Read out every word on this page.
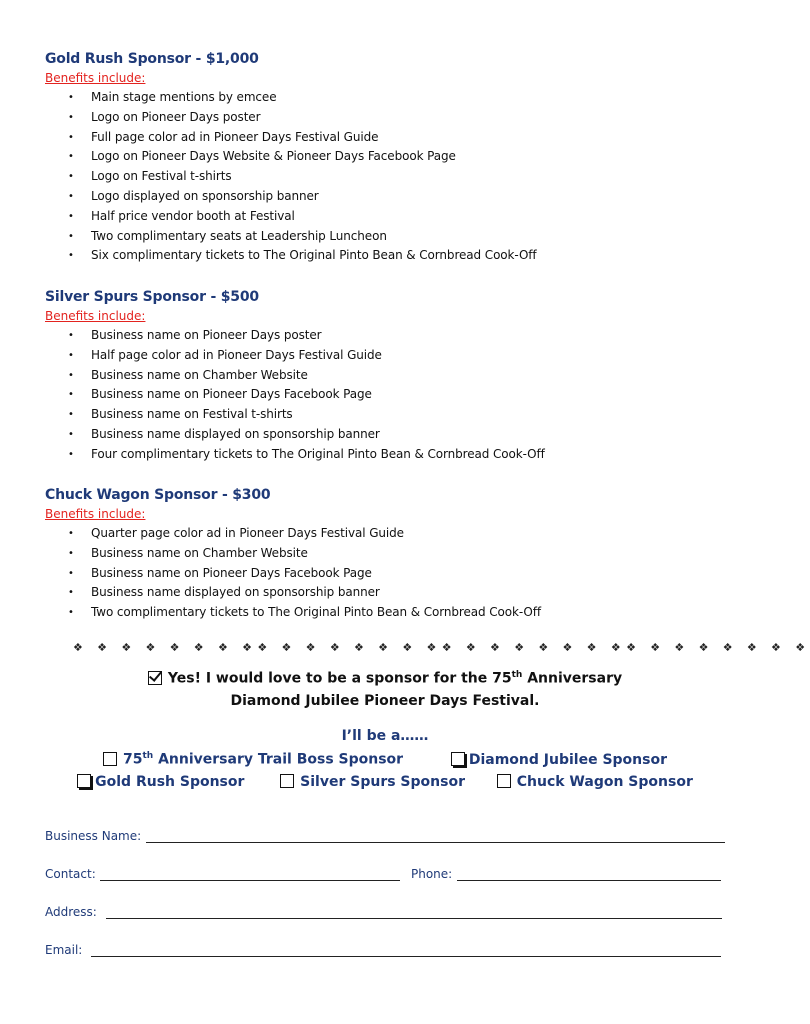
Gold Rush Sponsor - $1,000
Benefits include:
• Main stage mentions by emcee
• Logo on Pioneer Days poster
• Full page color ad in Pioneer Days Festival Guide
• Logo on Pioneer Days Website & Pioneer Days Facebook Page
• Logo on Festival t-shirts
• Logo displayed on sponsorship banner
• Half price vendor booth at Festival
• Two complimentary seats at Leadership Luncheon
• Six complimentary tickets to The Original Pinto Bean & Cornbread Cook-Off
Silver Spurs Sponsor - $500
Benefits include:
• Business name on Pioneer Days poster
• Half page color ad in Pioneer Days Festival Guide
• Business name on Chamber Website
• Business name on Pioneer Days Facebook Page
• Business name on Festival t-shirts
• Business name displayed on sponsorship banner
• Four complimentary tickets to The Original Pinto Bean & Cornbread Cook-Off
Chuck Wagon Sponsor - $300
Benefits include:
• Quarter page color ad in Pioneer Days Festival Guide
• Business name on Chamber Website
• Business name on Pioneer Days Facebook Page
• Business name displayed on sponsorship banner
• Two complimentary tickets to The Original Pinto Bean & Cornbread Cook-Off
❖ ❖ ❖ ❖ ❖ ❖ ❖ ❖❖ ❖ ❖ ❖ ❖ ❖ ❖ ❖❖ ❖ ❖ ❖ ❖ ❖ ❖ ❖❖ ❖ ❖ ❖ ❖ ❖ ❖ ❖
Yes! I would love to be a sponsor for the 75th Anniversary
Diamond Jubilee Pioneer Days Festival.
I’ll be a……
75th Anniversary Trail Boss Sponsor	Diamond Jubilee Sponsor
Gold Rush Sponsor	Silver Spurs Sponsor	Chuck Wagon Sponsor
Business Name:
Contact:	Phone:
Address:
Email:
